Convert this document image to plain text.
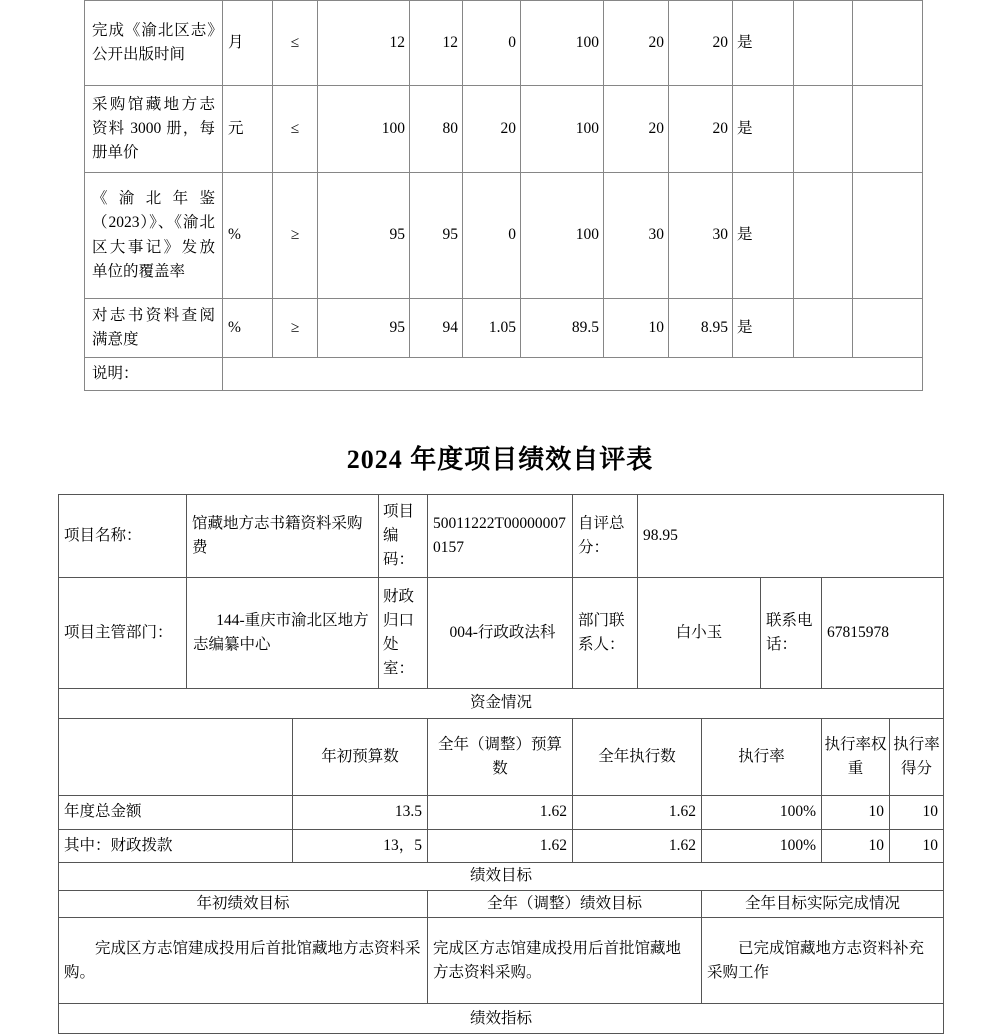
完成《渝北区志》公开出版时间	月	≤	12	12	0	100	20	20	是		
采购馆藏地方志资料 3000 册，每册单价	元	≤	100	80	20	100	20	20	是		
《渝北年鉴（2023）》、《渝北区大事记》发放单位的覆盖率	%	≥	95	95	0	100	30	30	是		
对志书资料查阅满意度	%	≥	95	94	1.05	89.5	10	8.95	是		
说明：											
2024 年度项目绩效自评表
项目名称：	馆藏地方志书籍资料采购费		项目编码：	50011222T000000070157	自评总分：	98.95				
项目主管部门：	144-重庆市渝北区地方志编纂中心		财政归口处室：	004-行政政法科	部门联系人：	白小玉		联系电话：	67815978	
资金情况										
		年初预算数		全年（调整）预算数	全年执行数		执行率		执行率权重	执行率得分
年度总金额		13.5		1.62	1.62		100%		10	10
其中：财政拨款		13，5		1.62	1.62		100%		10	10
绩效目标										
年初绩效目标				全年（调整）绩效目标			全年目标实际完成情况			
完成区方志馆建成投用后首批馆藏地方志资料采购。				完成区方志馆建成投用后首批馆藏地方志资料采购。			已完成馆藏地方志资料补充采购工作			
绩效指标										
